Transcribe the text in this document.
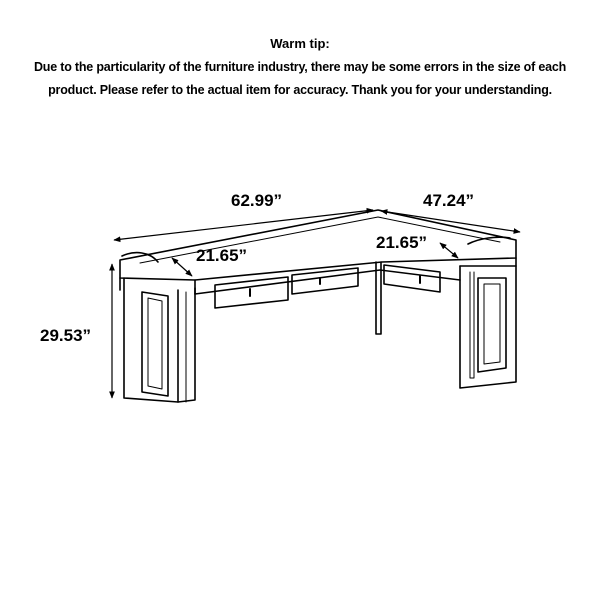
Warm tip:
Due to the particularity of the furniture industry, there may be some errors in the size of each
product. Please refer to the actual item for accuracy. Thank you for your understanding.
62.99”	47.24”
21.65”
21.65”
29.53”
